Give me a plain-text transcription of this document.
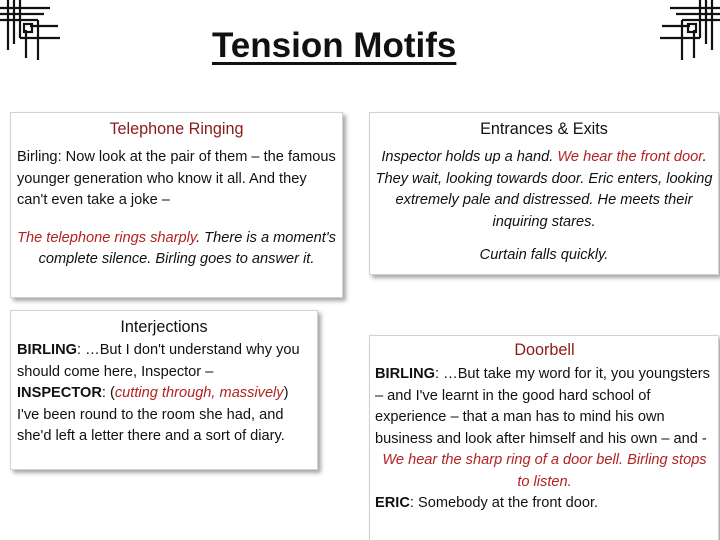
Tension Motifs
Telephone Ringing

Birling: Now look at the pair of them – the famous younger generation who know it all. And they can't even take a joke –

The telephone rings sharply. There is a moment's complete silence. Birling goes to answer it.

Entrances & Exits

Inspector holds up a hand. We hear the front door. They wait, looking towards door. Eric enters, looking extremely pale and distressed. He meets their inquiring stares.

Curtain falls quickly.

Interjections

BIRLING: …But I don't understand why you should come here, Inspector –
INSPECTOR: (cutting through, massively) I've been round to the room she had, and she'd left a letter there and a sort of diary.

Doorbell

BIRLING: …But take my word for it, you youngsters – and I've learnt in the good hard school of experience – that a man has to mind his own business and look after himself and his own – and -

We hear the sharp ring of a door bell. Birling stops to listen.

ERIC: Somebody at the front door.
